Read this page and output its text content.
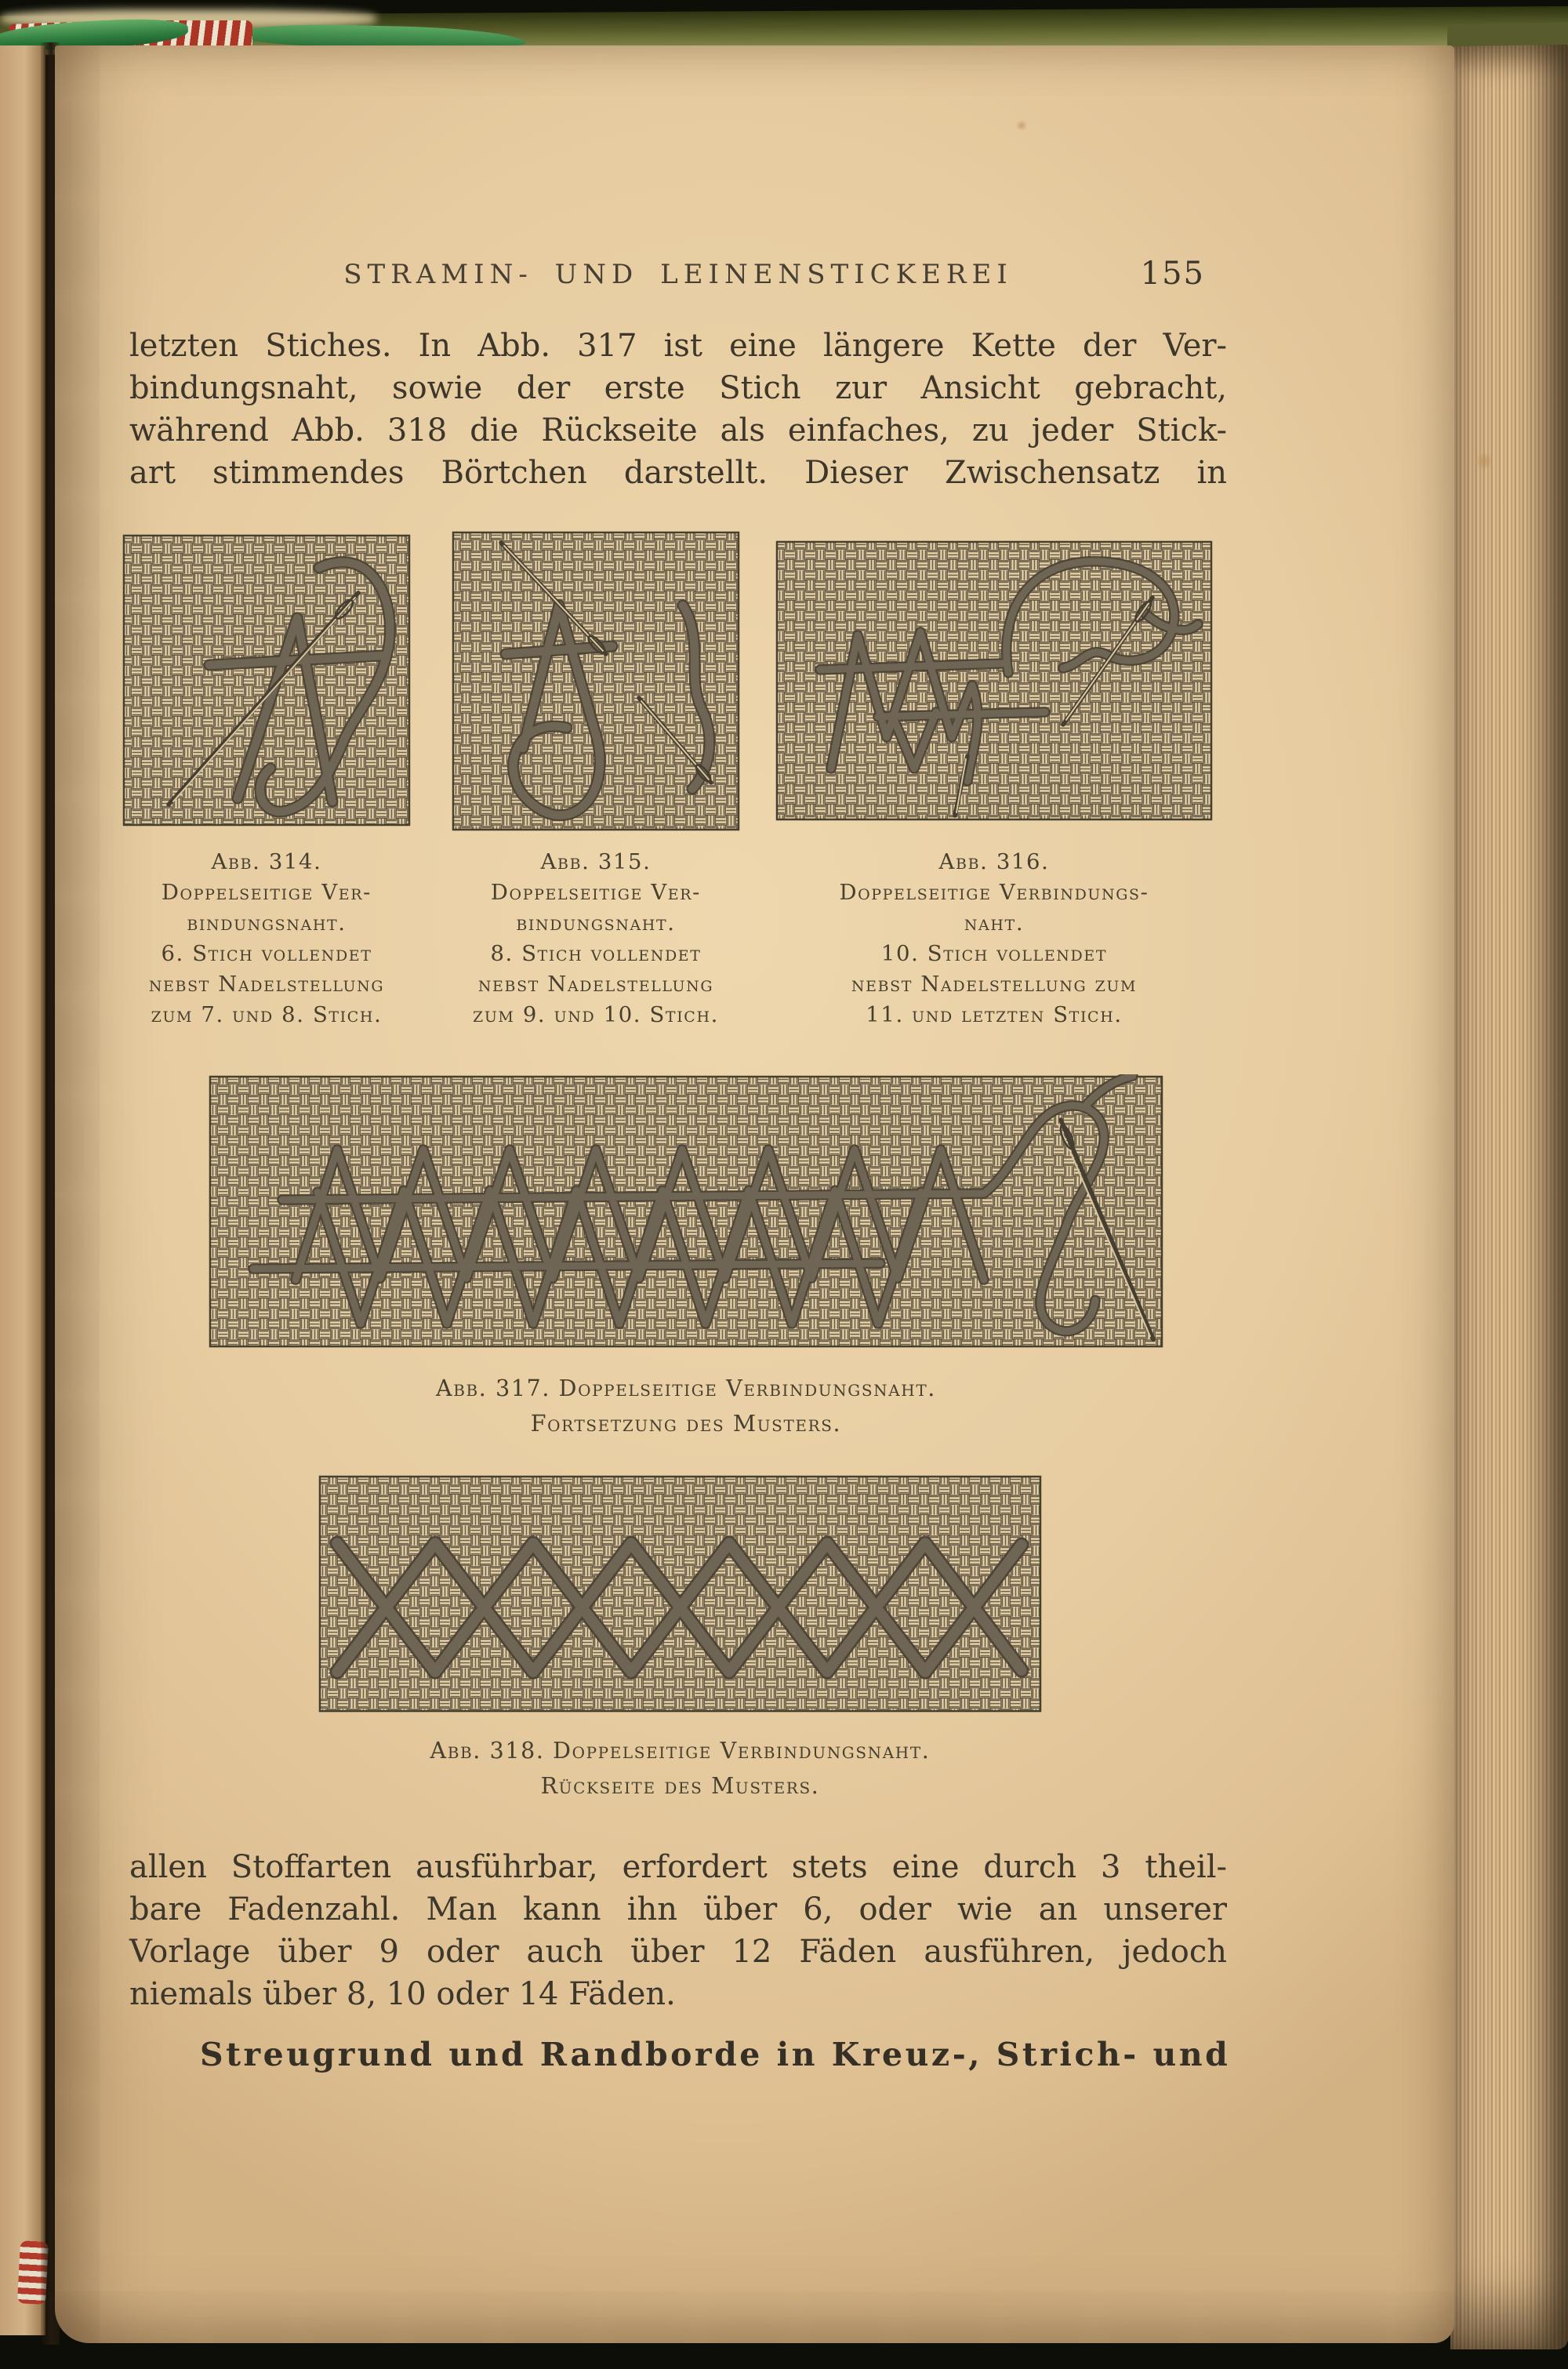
STRAMIN- UND LEINENSTICKEREI	155
letzten Stiches. In Abb. 317 ist eine längere Kette der Ver-
bindungsnaht, sowie der erste Stich zur Ansicht gebracht,
während Abb. 318 die Rückseite als einfaches, zu jeder Stick-
art stimmendes Börtchen darstellt. Dieser Zwischensatz in
Abb. 314.
Doppelseitige Ver-
bindungsnaht.
6. Stich vollendet
nebst Nadelstellung
zum 7. und 8. Stich.
Abb. 315.
Doppelseitige Ver-
bindungsnaht.
8. Stich vollendet
nebst Nadelstellung
zum 9. und 10. Stich.
Abb. 316.
Doppelseitige Verbindungs-
naht.
10. Stich vollendet
nebst Nadelstellung zum
11. und letzten Stich.
Abb. 317. Doppelseitige Verbindungsnaht.
Fortsetzung des Musters.
Abb. 318. Doppelseitige Verbindungsnaht.
Rückseite des Musters.
allen Stoffarten ausführbar, erfordert stets eine durch 3 theil-
bare Fadenzahl. Man kann ihn über 6, oder wie an unserer
Vorlage über 9 oder auch über 12 Fäden ausführen, jedoch
niemals über 8, 10 oder 14 Fäden.
Streugrund und Randborde in Kreuz-, Strich- und
